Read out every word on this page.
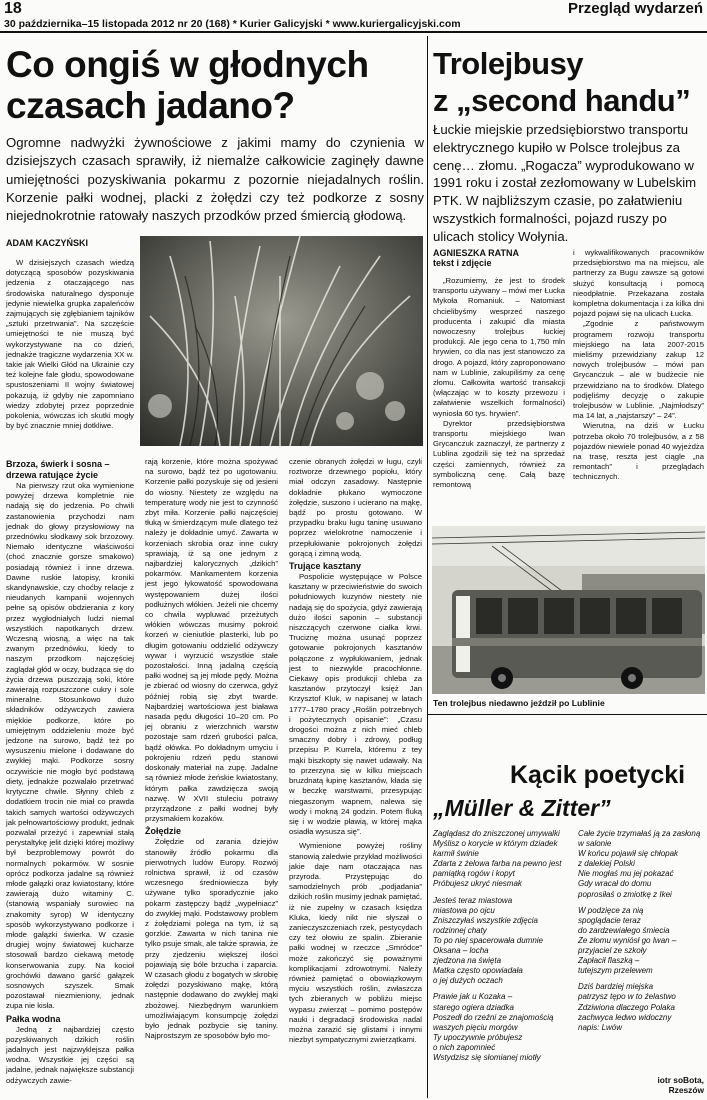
18	Przegląd wydarzeń
30 października–15 listopada 2012 nr 20 (168) * Kurier Galicyjski * www.kuriergalicyjski.com
Co ongiś w głodnych
czasach jadano?

Ogromne nadwyżki żywnościowe z jakimi mamy do czynienia w dzisiejszych czasach sprawiły, iż niemalże całkowicie zaginęły dawne umiejętności pozyskiwania pokarmu z pozornie niejadalnych roślin. Korzenie pałki wodnej, placki z żołędzi czy też podkorze z sosny niejednokrotnie ratowały naszych przodków przed śmiercią głodową.

ADAM KACZYŃSKI

W dzisiejszych czasach wiedzą dotyczącą sposobów pozyskiwania jedzenia z otaczającego nas środowiska naturalnego dysponuje jedynie niewielka grupka zapaleńców zajmujących się zgłębianiem tajników „sztuki przetrwania”. Na szczęście umiejętności te nie muszą być wykorzystywane na co dzień, jednakże tragiczne wydarzenia XX w. takie jak Wielki Głód na Ukrainie czy też kolejne fale głodu, spowodowane spustoszeniami II wojny światowej pokazują, iż gdyby nie zapomniano wiedzy zdobytej przez poprzednie pokolenia, wówczas ich skutki mogły by być znacznie mniej dotkliwe.

Brzoza, świerk i sosna – drzewa ratujące życie

Na pierwszy rzut oka wymienione powyżej drzewa kompletnie nie nadają się do jedzenia. Po chwili zastanowienia przychodzi nam jednak do głowy przysłowiowy na przednówku słodkawy sok brzozowy. Niemało identyczne właściwości (choć znacznie gorsze smakowo) posiadają również i inne drzewa. Dawne ruskie latopisy, kroniki skandynawskie, czy choćby relacje z nieudanych kampanii wojennych pełne są opisów obdzierania z kory przez wygłodniałych ludzi niemal wszystkich napotkanych drzew. Wczesną wiosną, a więc na tak zwanym przednówku, kiedy to naszym przodkom najczęściej zaglądał głód w oczy, budząca się do życia drzewa puszczają soki, które zawierają rozpuszczone cukry i sole mineralne. Stosunkowo dużo składników odżywczych zawiera miękkie podkorze, które po umiejętnym oddzieleniu może być jedzone na surowo, bądź też po wysuszeniu mielone i dodawane do zwykłej mąki. Podkorze sosny oczywiście nie mogło być podstawą diety, jednakże pozwalało przetrwać krytyczne chwile. Słynny chleb z dodatkiem trocin nie miał co prawda takich samych wartości odżywczych jak pełnowartościowy produkt, jednak pozwalał przeżyć i zapewniał stałą perystaltykę jelit dzięki której możliwy był bezproblemowy powrót do normalnych pokarmów. W sosnie oprócz podkorza jadalne są również młode gałązki oraz kwiatostany, które zawierają dużo witaminy C. (stanowią wspaniały surowiec na znakomity syrop) W identyczny sposób wykorzystywano podkorze i młode gałązki świerka. W czasie drugiej wojny światowej kucharze stosowali bardzo ciekawą metodę konserwowania zupy. Na kocioł grochówki dawano garść gałązek sosnowych szyszek. Smak pozostawał niezmieniony, jednak zupa nie kisła.

Pałka wodna

Jedną z najbardziej często pozyskiwanych dzikich roślin jadalnych jest najzwyklejsza pałka wodna. Wszystkie jej części są jadalne, jednak największe substancji odżywczych zawie-

rają korzenie, które można spożywać na surowo, bądź też po ugotowaniu. Korzenie pałki pozyskuje się od jesieni do wiosny. Niestety ze względu na temperaturę wody nie jest to czynność zbyt miła. Korzenie pałki najczęściej tłuką w śmierdzącym mule dlatego też należy je dokładnie umyć. Zawarta w korzeniach skrobia oraz inne cukry sprawiają, iż są one jednym z najbardziej kalorycznych „dzikich” pokarmów. Mankamentem korzenia jest jego łykowatość spowodowana występowaniem dużej ilości podłużnych włókien. Jeżeli nie chcemy co chwila wypluwać przeżutych włókien wówczas musimy pokroić korzeń w cieniutkie plasterki, lub po długim gotowaniu oddzielić odżywczy wywar i wyrzucić wszystkie stałe pozostałości. Inną jadalną częścią pałki wodnej są jej młode pędy. Można je zbierać od wiosny do czerwca, gdyż później robią się zbyt twarde. Najbardziej wartościowa jest biaława nasada pędu długości 10–20 cm. Po jej obraniu z wierzchnich warstw pozostaje sam rdzeń grubości palca, bądź ołówka. Po dokładnym umyciu i pokrojeniu rdzeń pędu stanowi doskonały materiał na zupę. Jadalne są również młode żeńskie kwiatostany, którym pałka zawdzięcza swoją nazwę. W XVII stuleciu potrawy przyrządzone z pałki wodnej były przysmakiem kozaków.

Żołędzie

Żołędzie od zarania dziejów stanowiły źródło pokarmu dla pierwotnych ludów Europy. Rozwój rolnictwa sprawił, iż od czasów wczesnego średniowiecza były używane tylko sporadycznie jako pokarm zastępczy bądź „wypełniacz” do zwykłej mąki. Podstawowy problem z żołędziami polega na tym, iż są gorzkie. Zawarta w nich tanina nie tylko psuje smak, ale także sprawia, że przy zjedzeniu większej ilości pojawiają się bóle brzucha i zaparcia. W czasach głodu z bogatych w skrobię żołędzi pozyskiwano mąkę, którą następnie dodawano do zwykłej mąki zbożowej. Niezbędnym warunkiem umożliwiającym konsumpcję żołędzi było jednak pozbycie się taniny. Najprostszym ze sposobów było mo-

czenie obranych żołędzi w ługu, czyli roztworze drzewnego popiołu, który miał odczyn zasadowy. Następnie dokładnie płukano wymoczone żołędzie, suszono i ucierano na mąkę, bądź po prostu gotowano. W przypadku braku ługu taninę usuwano poprzez wielokrotne namoczenie i przepłukiwanie pokrojonych żołędzi gorącą i zimną wodą.

Trujące kasztany

Pospolicie występujące w Polsce kasztany w przeciwieństwie do swoich południowych kuzynów niestety nie nadają się do spożycia, gdyż zawierają dużo ilości saponin – substancji niszczących czerwone ciałka krwi. Truciznę można usunąć poprzez gotowanie pokrojonych kasztanów połączone z wypłukiwaniem, jednak jest to niezwykle pracochłonne. Ciekawy opis produkcji chleba za kasztanów przytoczył księż Jan Krzysztof Kluk, w napisanej w latach 1777–1780 pracy „Roślin potrzebnych i pożytecznych opisanie”: „Czasu drogości można z nich mieć chleb smaczny dobry i zdrowy, podług przepisu P. Kurrela, któremu z tey mąki biszkopty się nawet udawały. Na to przerzyna się w kilku miejscach bruzdnatą łupinę kasztanów, kłada się w beczkę warstwami, przesypując niegaszonym wapnem, nalewa się wody i mokną 24 godzin. Potem fluką się i w wodzie pławią, w której mąka osiadła wysusza się”.

Wymienione powyżej rośliny stanowią zaledwie przykład możliwości jakie daje nam otaczająca nas przyroda. Przystępując do samodzielnych prób „podjadania” dzikich roślin musimy jednak pamiętać, iż nie zupełny w czasach księdza Kluka, kiedy nikt nie słyszał o zanieczyszczeniach rzek, pestycydach czy też ołowiu ze spalin. Zbieranie pałki wodnej w rzeczce „Smródce” może zakończyć się poważnymi komplikacjami zdrowotnymi. Należy również pamiętać o obowiązkowym myciu wszystkich roślin, zwłaszcza tych zbieranych w pobliżu miejsc wypasu zwierząt – pomimo postępów nauki i degradacji środowiska nadal można zarazić się glistami i innymi niezbyt sympatycznymi zwierzątkami.

Trolejbusy
z „second handu”

Łuckie miejskie przedsiębiorstwo transportu elektrycznego kupiło w Polsce trolejbus za cenę… złomu. „Rogacza” wyprodukowano w 1991 roku i został zezłomowany w Lubelskim PTK. W najbliższym czasie, po załatwieniu wszystkich formalności, pojazd ruszy po ulicach stolicy Wołynia.

AGNIESZKA RATNA
tekst i zdjęcie

„Rozumiemy, że jest to środek transportu używany – mówi mer Łucka Mykoła Romaniuk. – Natomiast chcielibyśmy wesprzeć naszego producenta i zakupić dla miasta nowoczesny trolejbus łuckiej produkcji. Ale jego cena to 1,750 mln hrywien, co dla nas jest stanowczo za drogo. A pojazd, który zaproponowano nam w Lublinie, zakupiliśmy za cenę złomu. Całkowita wartość transakcji (włączając w to koszty przewozu i załatwienie wszelkich formalności) wyniosła 60 tys. hrywien”.

Dyrektor przedsiębiorstwa transportu miejskiego Iwan Grycanczuk zaznaczył, że partnerzy z Lublina zgodzili się też na sprzedaż części zamiennych, również za symboliczną cenę. Całą bazę remontową

i wykwalifikowanych pracowników przedsiębiorstwo ma na miejscu, ale partnerzy za Bugu zawsze są gotowi służyć konsultacją i pomocą nieodpłatnie. Przekazana została kompletna dokumentacja i za kilka dni pojazd pojawi się na ulicach Łucka.

„Zgodnie z państwowym programem rozwoju transportu miejskiego na lata 2007-2015 mieliśmy przewidziany zakup 12 nowych trolejbusów – mówi pan Grycanczuk – ale w budżecie nie przewidziano na to środków. Dlatego podjęliśmy decyzję o zakupie trolejbusów w Lublinie. „Najmłodszy” ma 14 lat, a „najstarszy” – 24”.

Wierutna, na dziś w Łucku potrzeba około 70 trolejbusów, a z 58 pojazdów niewiele ponad 40 wyjeżdża na trasę, reszta jest ciągle „na remontach” i przeglądach technicznych.

Ten trolejbus niedawno jeździł po Lublinie
Kącik poetycki
„Müller & Zitter”
Zaglądasz do zniszczonej umywalki
Myślisz o korycie w którym dziadek
karmił świnie
Zdarta z żelowa farba na pewno jest
pamiątką rogów i kopyt
Próbujesz ukryć niesmak
Jesteś teraz miastowa
miastowa po ojcu
Zniszczyłaś wszystkie zdjęcia
rodzinnej chaty
To po niej spacerowała dumnie
Oksana – locha
zjedzona na święta
Matka często opowiadała
o jej dużych oczach
Prawie jak u Kozaka –
starego ogiera dziadka
Poszedł do rzeźni ze znajomością
waszych pięciu morgów
Ty upoczywnie próbujesz
o nich zapomnieć
Wstydzisz się słomianej miotły
Całe życie trzymałaś ją za zasłoną
w salonie
W końcu pojawił się chłopak
z dalekiej Polski
Nie mogłaś mu jej pokazać
Gdy wracał do domu
poprosiłaś o zmiotkę z Ikei
W podzięce za nią
spoglądacie teraz
do zardzewiałego śmiecia
Ze złomu wyniósł go Iwan –
przyjaciel ze szkoły
Zapłacił flaszką –
tutejszym przelewem
Dziś bardziej miejska
patrzysz tępo w to żelastwo
Zdziwiona dlaczego Polaka
zachwyca ledwo widoczny
napis: Lwów
iotr soBota,
Rzeszów
